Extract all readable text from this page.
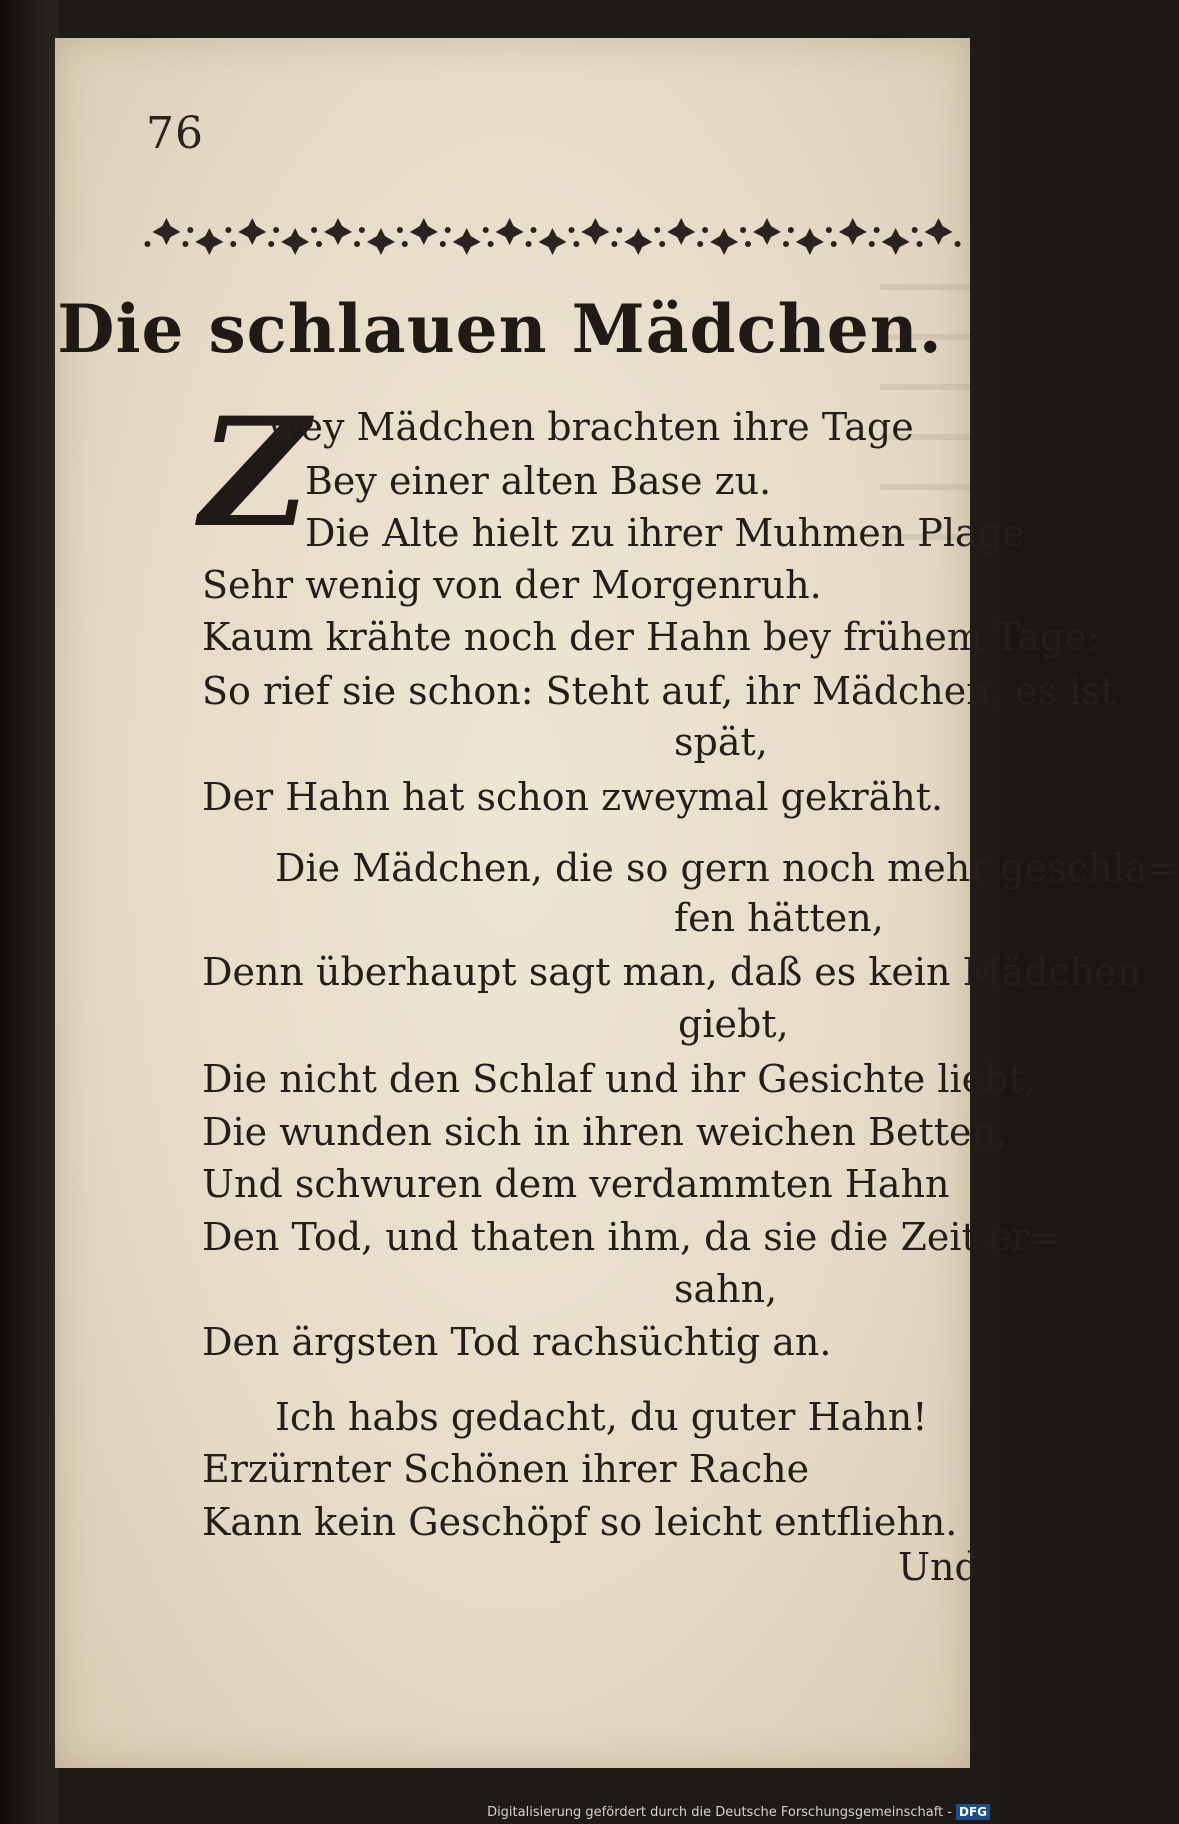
76
Die schlauen Mädchen.
Z
wey Mädchen brachten ihre Tage
Bey einer alten Base zu.
Die Alte hielt zu ihrer Muhmen Plage
Sehr wenig von der Morgenruh.
Kaum krähte noch der Hahn bey frühem Tage:
So rief sie schon: Steht auf, ihr Mädchen, es ist
spät,
Der Hahn hat schon zweymal gekräht.
Die Mädchen, die so gern noch mehr geschla=
fen hätten,
Denn überhaupt sagt man, daß es kein Mädchen
giebt,
Die nicht den Schlaf und ihr Gesichte liebt,
Die wunden sich in ihren weichen Betten,
Und schwuren dem verdammten Hahn
Den Tod, und thaten ihm, da sie die Zeit er=
sahn,
Den ärgsten Tod rachsüchtig an.
Ich habs gedacht, du guter Hahn!
Erzürnter Schönen ihrer Rache
Kann kein Geschöpf so leicht entfliehn.
Und
Digitalisierung gefördert durch die Deutsche Forschungsgemeinschaft - DFG
